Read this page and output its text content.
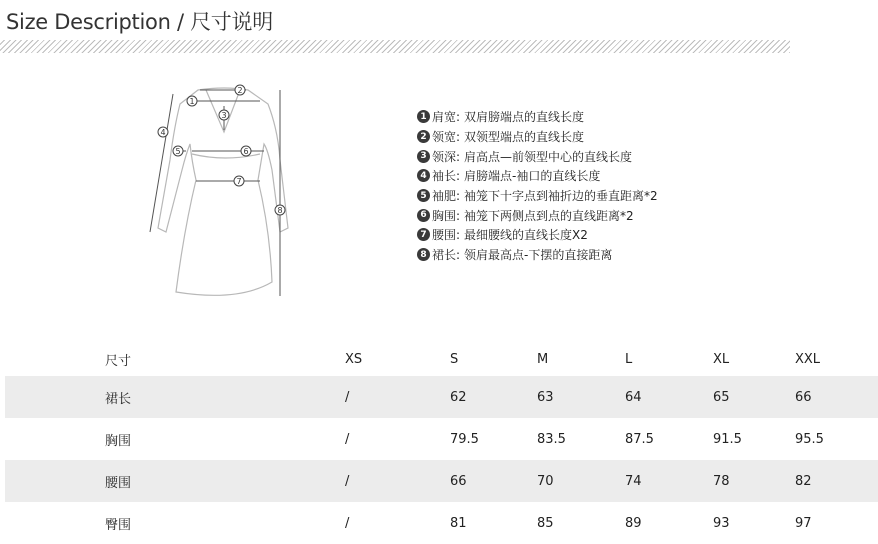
Size Description / 尺寸说明
1
2
3
4
5	6
7
8
1 肩宽: 双肩膀端点的直线长度
2 领宽: 双领型端点的直线长度
3 领深: 肩高点—前领型中心的直线长度
4 袖长: 肩膀端点-袖口的直线长度
5 袖肥: 袖笼下十字点到袖折边的垂直距离*2
6 胸围: 袖笼下两侧点到点的直线距离*2
7 腰围: 最细腰线的直线长度X2
8 裙长: 领肩最高点-下摆的直接距离
尺寸	XS	S	M	L	XL	XXL
裙长	/	62	63	64	65	66
胸围	/	79.5	83.5	87.5	91.5	95.5
腰围	/	66	70	74	78	82
臀围	/	81	85	89	93	97
